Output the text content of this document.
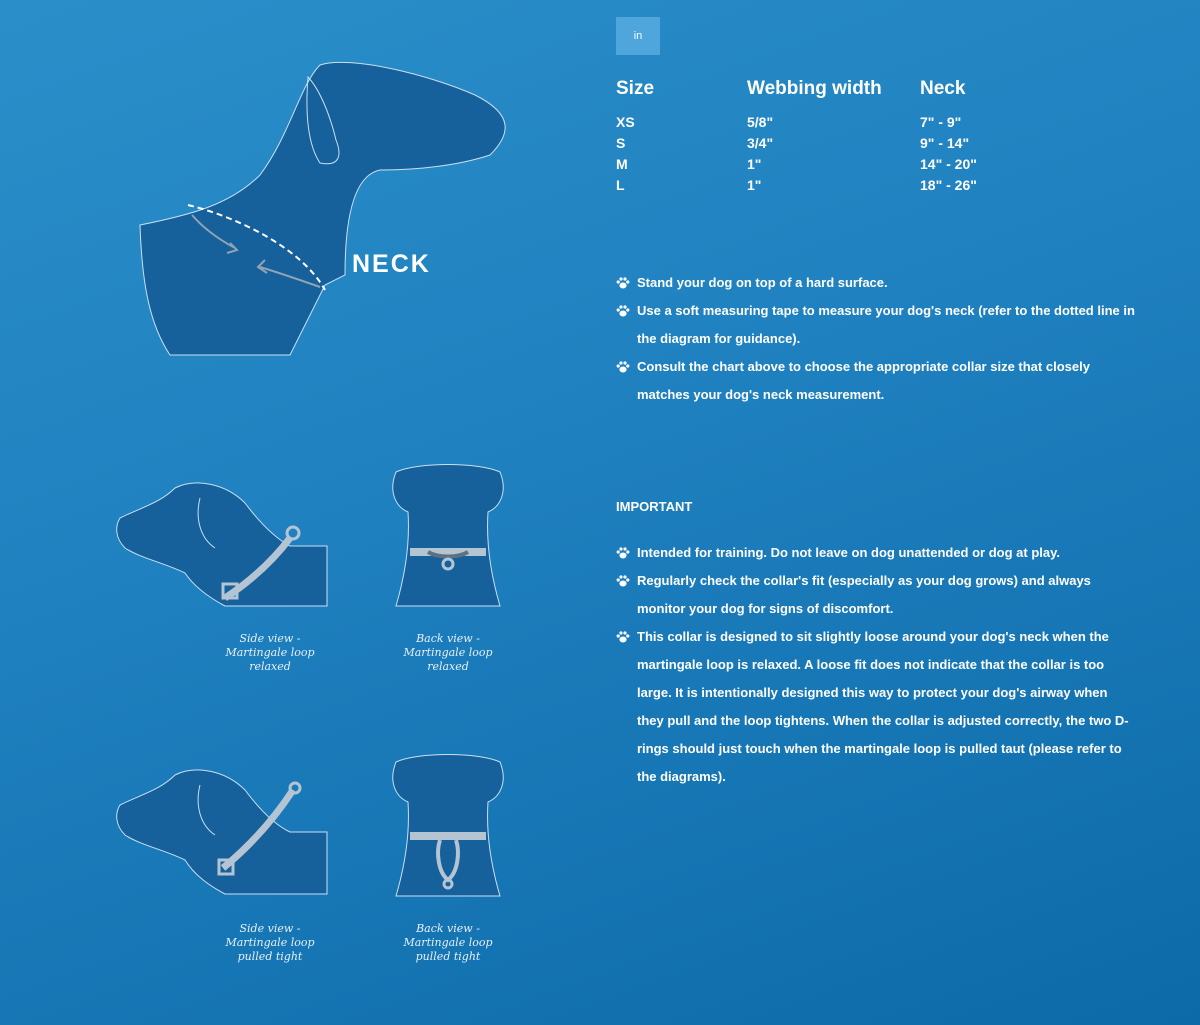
NECK
Side view -
Martingale loop
relaxed
Back view -
Martingale loop
relaxed
Side view -
Martingale loop
pulled tight
Back view -
Martingale loop
pulled tight
in
Size	Webbing width	Neck
XS	5/8"	7" - 9"
S	3/4"	9" - 14"
M	1"	14" - 20"
L	1"	18" - 26"
Stand your dog on top of a hard surface.
Use a soft measuring tape to measure your dog's neck (refer to the dotted line in the diagram for guidance).
Consult the chart above to choose the appropriate collar size that closely matches your dog's neck measurement.

IMPORTANT

Intended for training. Do not leave on dog unattended or dog at play.
Regularly check the collar's fit (especially as your dog grows) and always monitor your dog for signs of discomfort.
This collar is designed to sit slightly loose around your dog's neck when the martingale loop is relaxed. A loose fit does not indicate that the collar is too large. It is intentionally designed this way to protect your dog's airway when they pull and the loop tightens. When the collar is adjusted correctly, the two D-rings should just touch when the martingale loop is pulled taut (please refer to the diagrams).
